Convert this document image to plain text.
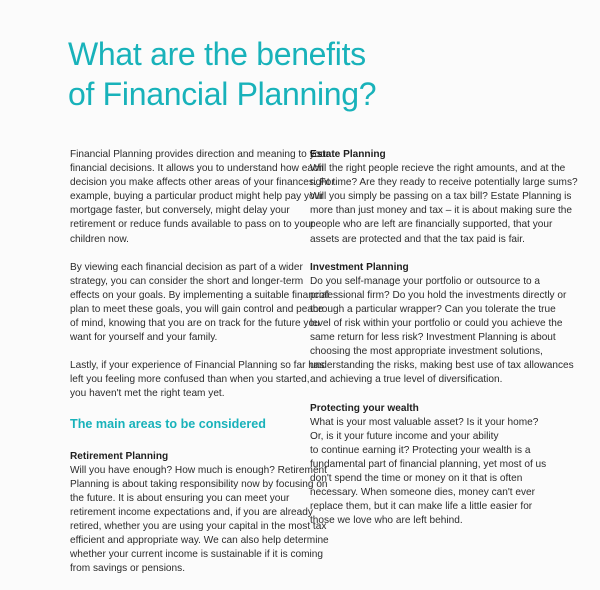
What are the benefits
of Financial Planning?

Financial Planning provides direction and meaning to your
financial decisions. It allows you to understand how each
decision you make affects other areas of your finances. For
example, buying a particular product might help pay your
mortgage faster, but conversely, might delay your
retirement or reduce funds available to pass on to your
children now.

By viewing each financial decision as part of a wider
strategy, you can consider the short and longer-term
effects on your goals. By implementing a suitable financial
plan to meet these goals, you will gain control and peace
of mind, knowing that you are on track for the future you
want for yourself and your family.

Lastly, if your experience of Financial Planning so far has
left you feeling more confused than when you started,
you haven't met the right team yet.

The main areas to be considered
Retirement Planning

Will you have enough? How much is enough? Retirement
Planning is about taking responsibility now by focusing on
the future. It is about ensuring you can meet your
retirement income expectations and, if you are already
retired, whether you are using your capital in the most tax
efficient and appropriate way. We can also help determine
whether your current income is sustainable if it is coming
from savings or pensions.

Estate Planning

Will the right people recieve the right amounts, and at the
right time? Are they ready to receive potentially large sums?
Will you simply be passing on a tax bill? Estate Planning is
more than just money and tax – it is about making sure the
people who are left are financially supported, that your
assets are protected and that the tax paid is fair.

Investment Planning

Do you self-manage your portfolio or outsource to a
professional firm? Do you hold the investments directly or
through a particular wrapper? Can you tolerate the true
level of risk within your portfolio or could you achieve the
same return for less risk? Investment Planning is about
choosing the most appropriate investment solutions,
understanding the risks, making best use of tax allowances
and achieving a true level of diversification.

Protecting your wealth

What is your most valuable asset? Is it your home?
Or, is it your future income and your ability
to continue earning it? Protecting your wealth is a
fundamental part of financial planning, yet most of us
don't spend the time or money on it that is often
necessary. When someone dies, money can't ever
replace them, but it can make life a little easier for
those we love who are left behind.
